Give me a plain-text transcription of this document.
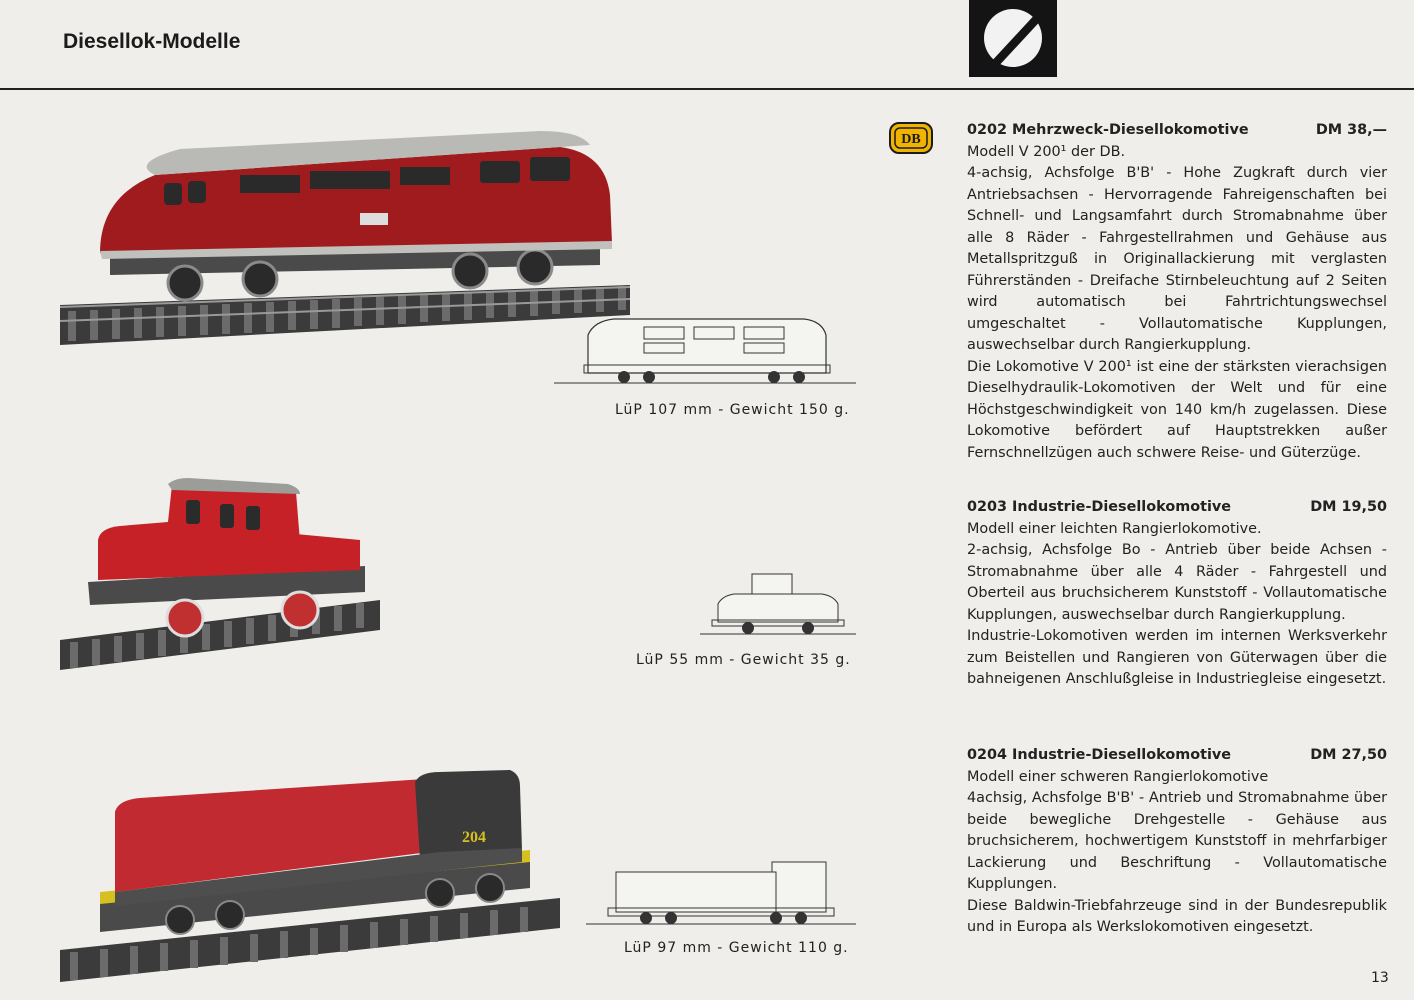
Diesellok-Modelle
DB
LüP 107 mm - Gewicht 150 g.
LüP 55 mm - Gewicht 35 g.
204
LüP 97 mm - Gewicht 110 g.
0202 Mehrzweck-Diesellokomotive	DM 38,—

Modell V 200¹ der DB.

4-achsig, Achsfolge B'B' - Hohe Zugkraft durch vier Antriebsachsen - Hervorragende Fahreigenschaften bei Schnell- und Langsamfahrt durch Stromabnahme über alle 8 Räder - Fahrgestellrahmen und Gehäuse aus Metallspritzguß in Originallackierung mit verglasten Führerständen - Dreifache Stirnbeleuchtung auf 2 Seiten wird automatisch bei Fahrtrichtungswechsel umgeschaltet - Vollautomatische Kupplungen, auswechselbar durch Rangierkupplung.

Die Lokomotive V 200¹ ist eine der stärksten vierachsigen Dieselhydraulik-Lokomotiven der Welt und für eine Höchstgeschwindigkeit von 140 km/h zugelassen. Diese Lokomotive befördert auf Hauptstrekken außer Fernschnellzügen auch schwere Reise- und Güterzüge.

0203 Industrie-Diesellokomotive	DM 19,50

Modell einer leichten Rangierlokomotive.

2-achsig, Achsfolge Bo - Antrieb über beide Achsen - Stromabnahme über alle 4 Räder - Fahrgestell und Oberteil aus bruchsicherem Kunststoff - Vollautomatische Kupplungen, auswechselbar durch Rangierkupplung.

Industrie-Lokomotiven werden im internen Werksverkehr zum Beistellen und Rangieren von Güterwagen über die bahneigenen Anschlußgleise in Industriegleise eingesetzt.

0204 Industrie-Diesellokomotive	DM 27,50

Modell einer schweren Rangierlokomotive

4achsig, Achsfolge B'B' - Antrieb und Stromabnahme über beide bewegliche Drehgestelle - Gehäuse aus bruchsicherem, hochwertigem Kunststoff in mehrfarbiger Lackierung und Beschriftung - Vollautomatische Kupplungen.

Diese Baldwin-Triebfahrzeuge sind in der Bundesrepublik und in Europa als Werkslokomotiven eingesetzt.

13
